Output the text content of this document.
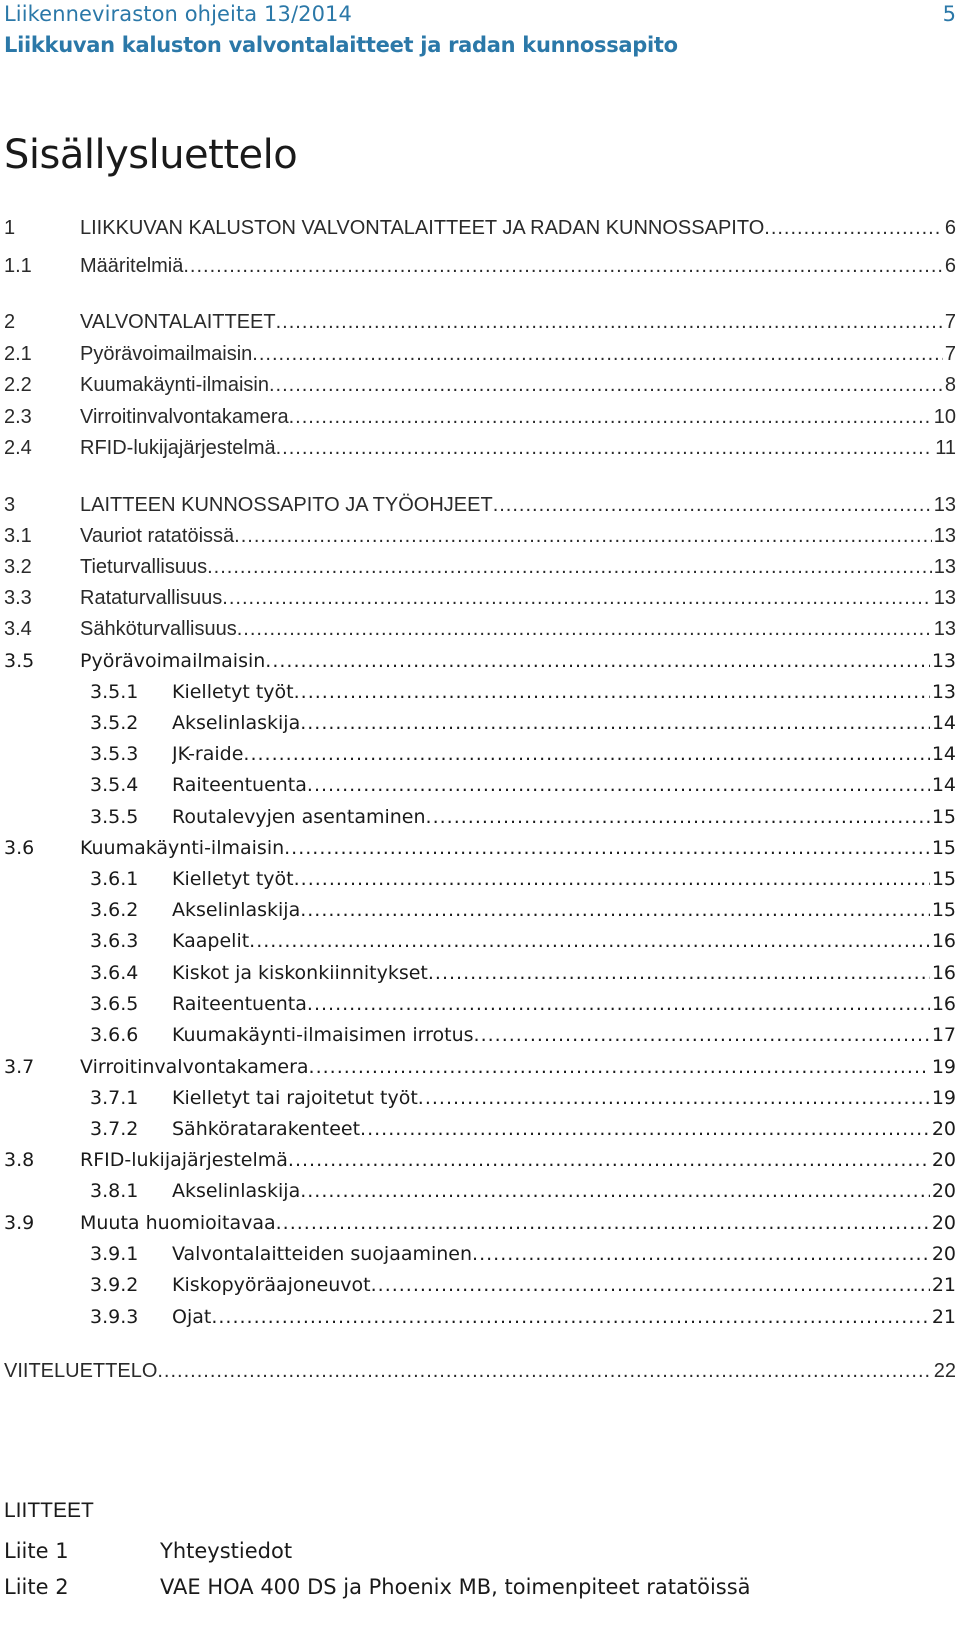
Liikenneviraston ohjeita 13/2014
Liikkuvan kaluston valvontalaitteet ja radan kunnossapito
5
Sisällysluettelo
1	LIIKKUVAN KALUSTON VALVONTALAITTEET JA RADAN KUNNOSSAPITO .....	6
1.1 Määritelmiä .....	6
2	VALVONTALAITTEET .....	7
2.1 Pyörävoimailmaisin .....	7
2.2 Kuumakäynti-ilmaisin .....	8
2.3 Virroitinvalvontakamera .....	10
2.4 RFID-lukijajärjestelmä .....	11
3	LAITTEEN KUNNOSSAPITO JA TYÖOHJEET .....	13
3.1 Vauriot ratatöissä .....	13
3.2 Tieturvallisuus .....	13
3.3 Rataturvallisuus .....	13
3.4 Sähköturvallisuus .....	13
3.5 Pyörävoimailmaisin .....	13
3.5.1 Kielletyt työt .....	13
3.5.2 Akselinlaskija .....	14
3.5.3 JK-raide .....	14
3.5.4 Raiteentuenta .....	14
3.5.5 Routalevyjen asentaminen .....	15
3.6 Kuumakäynti-ilmaisin .....	15
3.6.1 Kielletyt työt .....	15
3.6.2 Akselinlaskija .....	15
3.6.3 Kaapelit .....	16
3.6.4 Kiskot ja kiskonkiinnitykset .....	16
3.6.5 Raiteentuenta .....	16
3.6.6 Kuumakäynti-ilmaisimen irrotus .....	17
3.7 Virroitinvalvontakamera .....	19
3.7.1 Kielletyt tai rajoitetut työt .....	19
3.7.2 Sähköratarakenteet .....	20
3.8 RFID-lukijajärjestelmä .....	20
3.8.1 Akselinlaskija .....	20
3.9 Muuta huomioitavaa .....	20
3.9.1 Valvontalaitteiden suojaaminen .....	20
3.9.2 Kiskopyöräajoneuvot .....	21
3.9.3 Ojat .....	21
VIITELUETTELO .....	22
LIITTEET
Liite 1	Yhteystiedot
Liite 2	VAE HOA 400 DS ja Phoenix MB, toimenpiteet ratatöissä
